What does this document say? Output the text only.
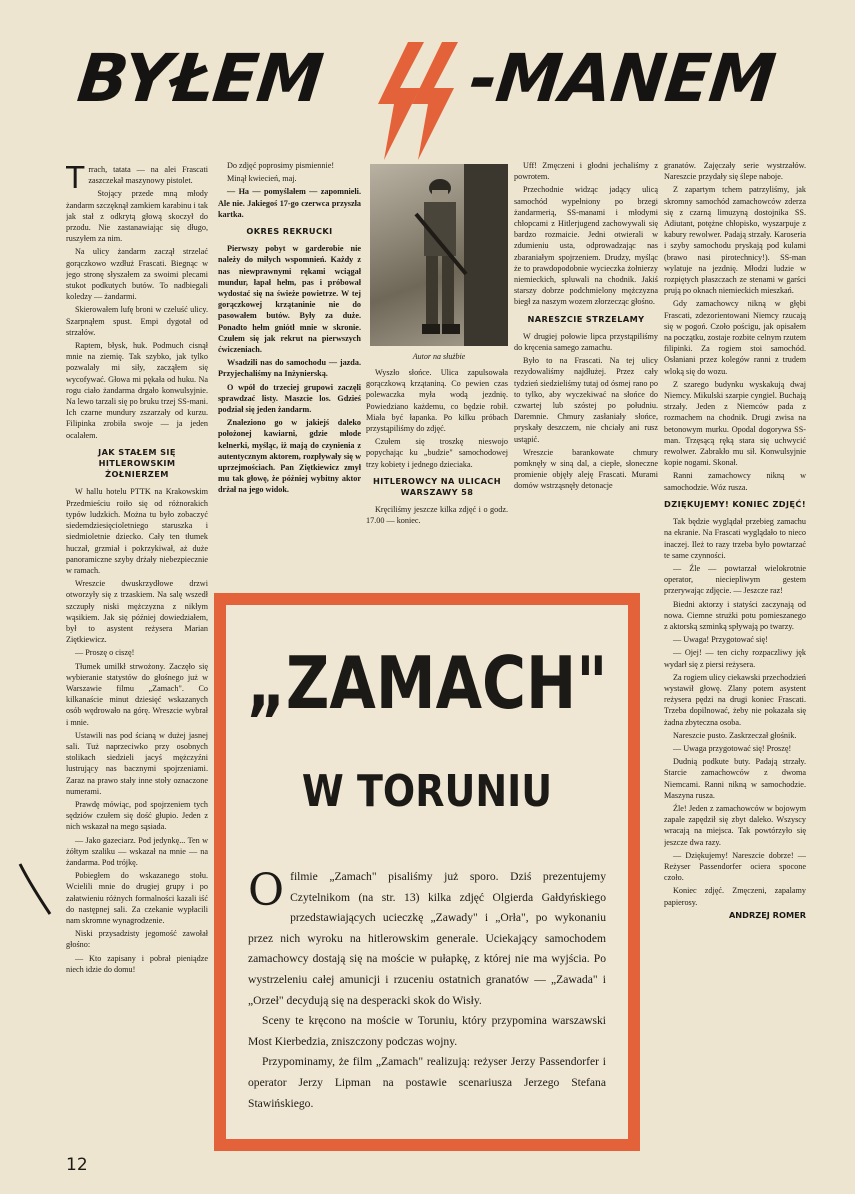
BYŁEM -MANEM
T rrach, tatata — na alei Frascati zaszczekał maszynowy pistolet.

Stojący przede mną młody żandarm szczęknął zamkiem karabinu i tak jak stał z odkrytą głową skoczył do przodu. Nie zastanawiając się długo, ruszyłem za nim.

Na ulicy żandarm zaczął strzelać gorączkowo wzdłuż Frascati. Biegnąc w jego stronę słyszałem za swoimi plecami stukot podkutych butów. To nadbiegali koledzy — żandarmi.

Skierowałem lufę broni w czeluść ulicy. Szarpnąłem spust. Empi dygotał od strzałów.

Raptem, błysk, huk. Podmuch cisnął mnie na ziemię. Tak szybko, jak tylko pozwalały mi siły, zacząłem się wycofywać. Głowa mi pękała od huku. Na rogu ciało żandarma drgało konwulsyjnie. Na lewo tarzali się po bruku trzej SS-mani. Ich czarne mundury zszarzały od kurzu. Filipinka zrobiła swoje — ja jeden ocalałem.

JAK STAŁEM SIĘ HITLEROWSKIM ŻOŁNIERZEM

W hallu hotelu PTTK na Krakowskim Przedmieściu roiło się od różnorakich typów ludzkich. Można tu było zobaczyć siedemdziesięcioletniego staruszka i siedmioletnie dziecko. Cały ten tłumek huczał, grzmiał i pokrzykiwał, aż duże panoramiczne szyby drżały niebezpiecznie w ramach.

Wreszcie dwuskrzydłowe drzwi otworzyły się z trzaskiem. Na salę wszedł szczupły niski mężczyzna z nikłym wąsikiem. Jak się później dowiedziałem, był to asystent reżysera Marian Ziętkiewicz.

— Proszę o ciszę!

Tłumek umilkł strwożony. Zaczęło się wybieranie statystów do głośnego już w Warszawie filmu „Zamach". Co kilkanaście minut dziesięć wskazanych osób wędrowało na górę. Wreszcie wybrał i mnie.

Ustawili nas pod ścianą w dużej jasnej sali. Tuż naprzeciwko przy osobnych stolikach siedzieli jacyś mężczyźni lustrujący nas bacznymi spojrzeniami. Zaraz na prawo stały inne stoły oznaczone numerami.

Prawdę mówiąc, pod spojrzeniem tych sędziów czułem się dość głupio. Jeden z nich wskazał na mego sąsiada.

— Jako gazeciarz. Pod jedynkę... Ten w żółtym szaliku — wskazał na mnie — na żandarma. Pod trójkę.

Pobiegłem do wskazanego stołu. Wcielili mnie do drugiej grupy i po załatwieniu różnych formalności kazali iść do następnej sali. Za czekanie wypłacili nam skromne wynagrodzenie.

Niski przysadzisty jegomość zawołał głośno:

— Kto zapisany i pobrał pieniądze niech idzie do domu!

Do zdjęć poprosimy pismiennie!

Minął kwiecień, maj.

— Ha — pomyślałem — zapomnieli. Ale nie. Jakiegoś 17-go czerwca przyszła kartka.

OKRES REKRUCKI

Pierwszy pobyt w garderobie nie należy do miłych wspomnień. Każdy z nas niewprawnymi rękami wciągał mundur, łapał hełm, pas i próbował wydostać się na świeże powietrze. W tej gorączkowej krzątaninie nie do pasowałem butów. Były za duże. Ponadto hełm gniótł mnie w skronie. Czułem się jak rekrut na pierwszych ćwiczeniach.

Wsadzili nas do samochodu — jazda. Przyjechaliśmy na Inżynierską.

O wpół do trzeciej grupowi zaczęli sprawdzać listy. Maszcie los. Gdzieś podział się jeden żandarm.

Znaleziono go w jakiejś daleko położonej kawiarni, gdzie młode kelnerki, myśląc, iż mają do czynienia z autentycznym aktorem, rozpływały się w uprzejmościach. Pan Ziętkiewicz zmył mu tak głowę, że później wybitny aktor drżał na jego widok.

Autor na służbie

Wyszło słońce. Ulica zapulsowała gorączkową krzątaniną. Co pewien czas polewaczka myła wodą jezdnię. Powiedziano każdemu, co będzie robił. Miała być łapanka. Po kilku próbach przystąpiliśmy do zdjęć.

Czułem się troszkę nieswojo popychając ku „budzie" samochodowej trzy kobiety i jednego dzieciaka.

HITLEROWCY NA ULICACH WARSZAWY 58

Kręciliśmy jeszcze kilka zdjęć i o godz. 17.00 — koniec.

Uff! Zmęczeni i głodni jechaliśmy z powrotem.

Przechodnie widząc jadący ulicą samochód wypełniony po brzegi żandarmerią, SS-manami i młodymi chłopcami z Hitlerjugend zachowywali się bardzo rozmaicie. Jedni otwierali w zdumieniu usta, odprowadzając nas zbaraniałym spojrzeniem. Drudzy, myśląc że to prawdopodobnie wycieczka żołnierzy niemieckich, spluwali na chodnik. Jakiś starszy dobrze podchmielony mężczyzna biegł za naszym wozem złorzecząc głośno.

NARESZCIE STRZELAMY

W drugiej połowie lipca przystąpiliśmy do kręcenia samego zamachu.

Było to na Frascati. Na tej ulicy rezydowaliśmy najdłużej. Przez cały tydzień siedzieliśmy tutaj od ósmej rano po to tylko, aby wyczekiwać na słońce do czwartej lub szóstej po południu. Daremnie. Chmury zasłaniały słońce, pryskały deszczem, nie chciały ani rusz ustąpić.

Wreszcie barankowate chmury pomknęły w siną dal, a ciepłe, słoneczne promienie objęły aleję Frascati. Murami domów wstrząsnęły detonacje

granatów. Zajęczały serie wystrzałów. Nareszcie przydały się ślepe naboje.

Z zapartym tchem patrzyliśmy, jak skromny samochód zamachowców zderza się z czarną limuzyną dostojnika SS. Adiutant, potężne chłopisko, wyszarpuje z kabury rewolwer. Padają strzały. Karoseria i szyby samochodu pryskają pod kulami (brawo nasi pirotechnicy!). SS-man wylatuje na jezdnię. Młodzi ludzie w rozpiętych płaszczach ze stenami w garści prują po oknach niemieckich mieszkań.

Gdy zamachowcy nikną w głębi Frascati, zdezorientowani Niemcy rzucają się w pogoń. Czoło pościgu, jak opisałem na początku, zostaje rozbite celnym rzutem filipinki. Za rogiem stoi samochód. Osłaniani przez kolegów ranni z trudem wloką się do wozu.

Z szarego budynku wyskakują dwaj Niemcy. Mikulski szarpie cyngiel. Buchają strzały. Jeden z Niemców pada z rozmachem na chodnik. Drugi zwisa na betonowym murku. Opodal dogorywa SS-man. Trzęsącą ręką stara się uchwycić rewolwer. Zabrakło mu sił. Konwulsyjnie kopie nogami. Skonał.

Ranni zamachowcy nikną w samochodzie. Wóz rusza.

DZIĘKUJEMY! KONIEC ZDJĘĆ!

Tak będzie wyglądał przebieg zamachu na ekranie. Na Frascati wyglądało to nieco inaczej. Ileż to razy trzeba było powtarzać te same czynności.

— Źle — powtarzał wielokrotnie operator, nieciepliwym gestem przerywając zdjęcie. — Jeszcze raz!

Biedni aktorzy i statyści zaczynają od nowa. Ciemne strużki potu pomieszanego z aktorską szminką spływają po twarzy.

— Uwaga! Przygotować się!

— Ojej! — ten cichy rozpaczliwy jęk wydarł się z piersi reżysera.

Za rogiem ulicy ciekawski przechodzień wystawił głowę. Zlany potem asystent reżysera pędzi na drugi koniec Frascati. Trzeba dopilnować, żeby nie pokazała się żadna zbyteczna osoba.

Nareszcie pusto. Zaskrzeczał głośnik.

— Uwaga przygotować się! Proszę!

Dudnią podkute buty. Padają strzały. Starcie zamachowców z dwoma Niemcami. Ranni nikną w samochodzie. Maszyna rusza.

Źle! Jeden z zamachowców w bojowym zapale zapędził się zbyt daleko. Wszyscy wracają na miejsca. Tak powtórzyło się jeszcze dwa razy.

— Dziękujemy! Nareszcie dobrze! — Reżyser Passendorfer ociera spocone czoło.

Koniec zdjęć. Zmęczeni, zapalamy papierosy.

ANDRZEJ ROMER

„ZAMACH"
W TORUNIU
O filmie „Zamach" pisaliśmy już sporo. Dziś prezentujemy Czytelnikom (na str. 13) kilka zdjęć Olgierda Gałdyńskiego przedstawiających ucieczkę „Zawady" i „Orła", po wykonaniu przez nich wyroku na hitlerowskim generale. Uciekający samochodem zamachowcy dostają się na moście w pułapkę, z której nie ma wyjścia. Po wystrzeleniu całej amunicji i rzuceniu ostatnich granatów — „Zawada" i „Orzeł" decydują się na desperacki skok do Wisły.

Sceny te kręcono na moście w Toruniu, który przypomina warszawski Most Kierbedzia, zniszczony podczas wojny.

Przypominamy, że film „Zamach" realizują: reżyser Jerzy Passendorfer i operator Jerzy Lipman na postawie scenariusza Jerzego Stefana Stawińskiego.

12
